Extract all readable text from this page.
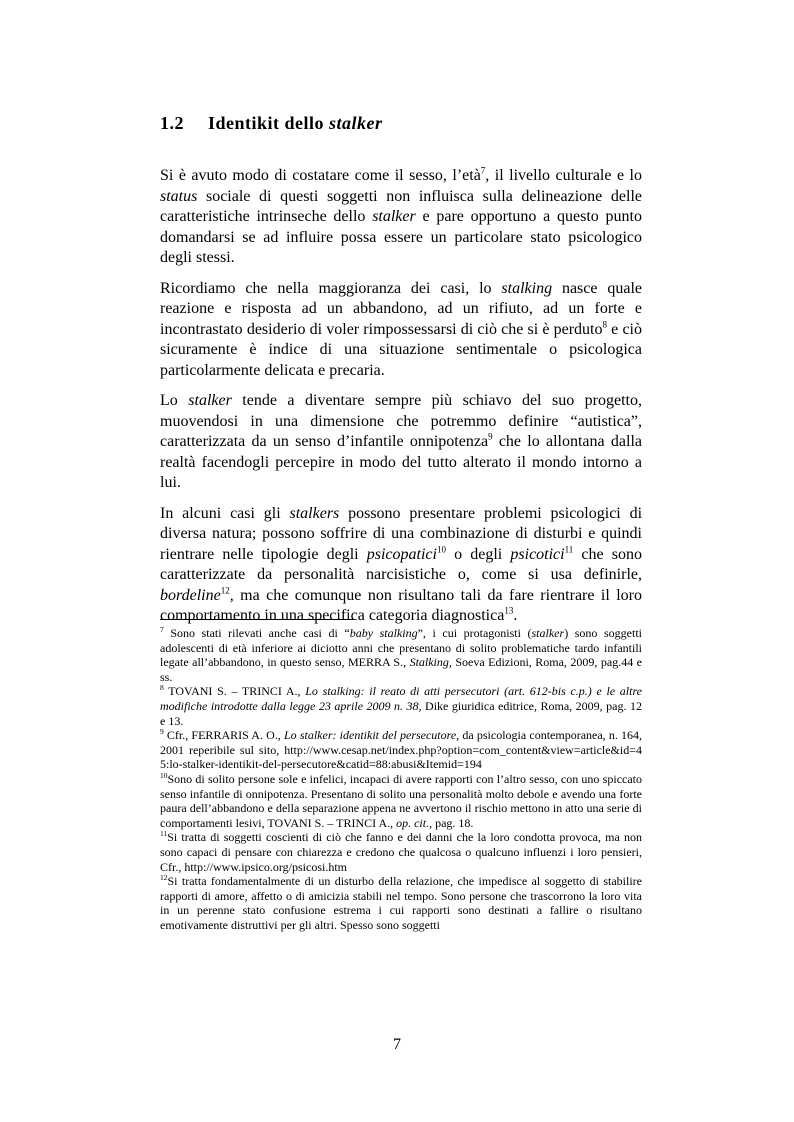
1.2 Identikit dello stalker

Si è avuto modo di costatare come il sesso, l’età$^7$, il livello culturale e lo status sociale di questi soggetti non influisca sulla delineazione delle caratteristiche intrinseche dello stalker e pare opportuno a questo punto domandarsi se ad influire possa essere un particolare stato psicologico degli stessi.

Ricordiamo che nella maggioranza dei casi, lo stalking nasce quale reazione e risposta ad un abbandono, ad un rifiuto, ad un forte e incontrastato desiderio di voler rimpossessarsi di ciò che si è perduto$^8$ e ciò sicuramente è indice di una situazione sentimentale o psicologica particolarmente delicata e precaria.

Lo stalker tende a diventare sempre più schiavo del suo progetto, muovendosi in una dimensione che potremmo definire “autistica”, caratterizzata da un senso d’infantile onnipotenza$^9$ che lo allontana dalla realtà facendogli percepire in modo del tutto alterato il mondo intorno a lui.

In alcuni casi gli stalkers possono presentare problemi psicologici di diversa natura; possono soffrire di una combinazione di disturbi e quindi rientrare nelle tipologie degli psicopatici$^{10}$ o degli psicotici$^{11}$ che sono caratterizzate da personalità narcisistiche o, come si usa definirle, bordeline$^{12}$, ma che comunque non risultano tali da fare rientrare il loro comportamento in una specifica categoria diagnostica$^{13}$.

$^7$ Sono stati rilevati anche casi di “baby stalking”, i cui protagonisti (stalker) sono soggetti adolescenti di età inferiore ai diciotto anni che presentano di solito problematiche tardo infantili legate all’abbandono, in questo senso, MERRA S., Stalking, Soeva Edizioni, Roma, 2009, pag.44 e ss.

$^8$ TOVANI S. – TRINCI A., Lo stalking: il reato di atti persecutori (art. 612-bis c.p.) e le altre modifiche introdotte dalla legge 23 aprile 2009 n. 38, Dike giuridica editrice, Roma, 2009, pag. 12 e 13.

$^9$ Cfr., FERRARIS A. O., Lo stalker: identikit del persecutore, da psicologia contemporanea, n. 164, 2001 reperibile sul sito, http://www.cesap.net/index.php?option=com_content&view=article&id=45:lo-stalker-identikit-del-persecutore&catid=88:abusi&Itemid=194

$^{10}$Sono di solito persone sole e infelici, incapaci di avere rapporti con l’altro sesso, con uno spiccato senso infantile di onnipotenza. Presentano di solito una personalità molto debole e avendo una forte paura dell’abbandono e della separazione appena ne avvertono il rischio mettono in atto una serie di comportamenti lesivi, TOVANI S. – TRINCI A., op. cit., pag. 18.

$^{11}$Si tratta di soggetti coscienti di ciò che fanno e dei danni che la loro condotta provoca, ma non sono capaci di pensare con chiarezza e credono che qualcosa o qualcuno influenzi i loro pensieri, Cfr., http://www.ipsico.org/psicosi.htm

$^{12}$Si tratta fondamentalmente di un disturbo della relazione, che impedisce al soggetto di stabilire rapporti di amore, affetto o di amicizia stabili nel tempo. Sono persone che trascorrono la loro vita in un perenne stato confusione estrema i cui rapporti sono destinati a fallire o risultano emotivamente distruttivi per gli altri. Spesso sono soggetti

7
